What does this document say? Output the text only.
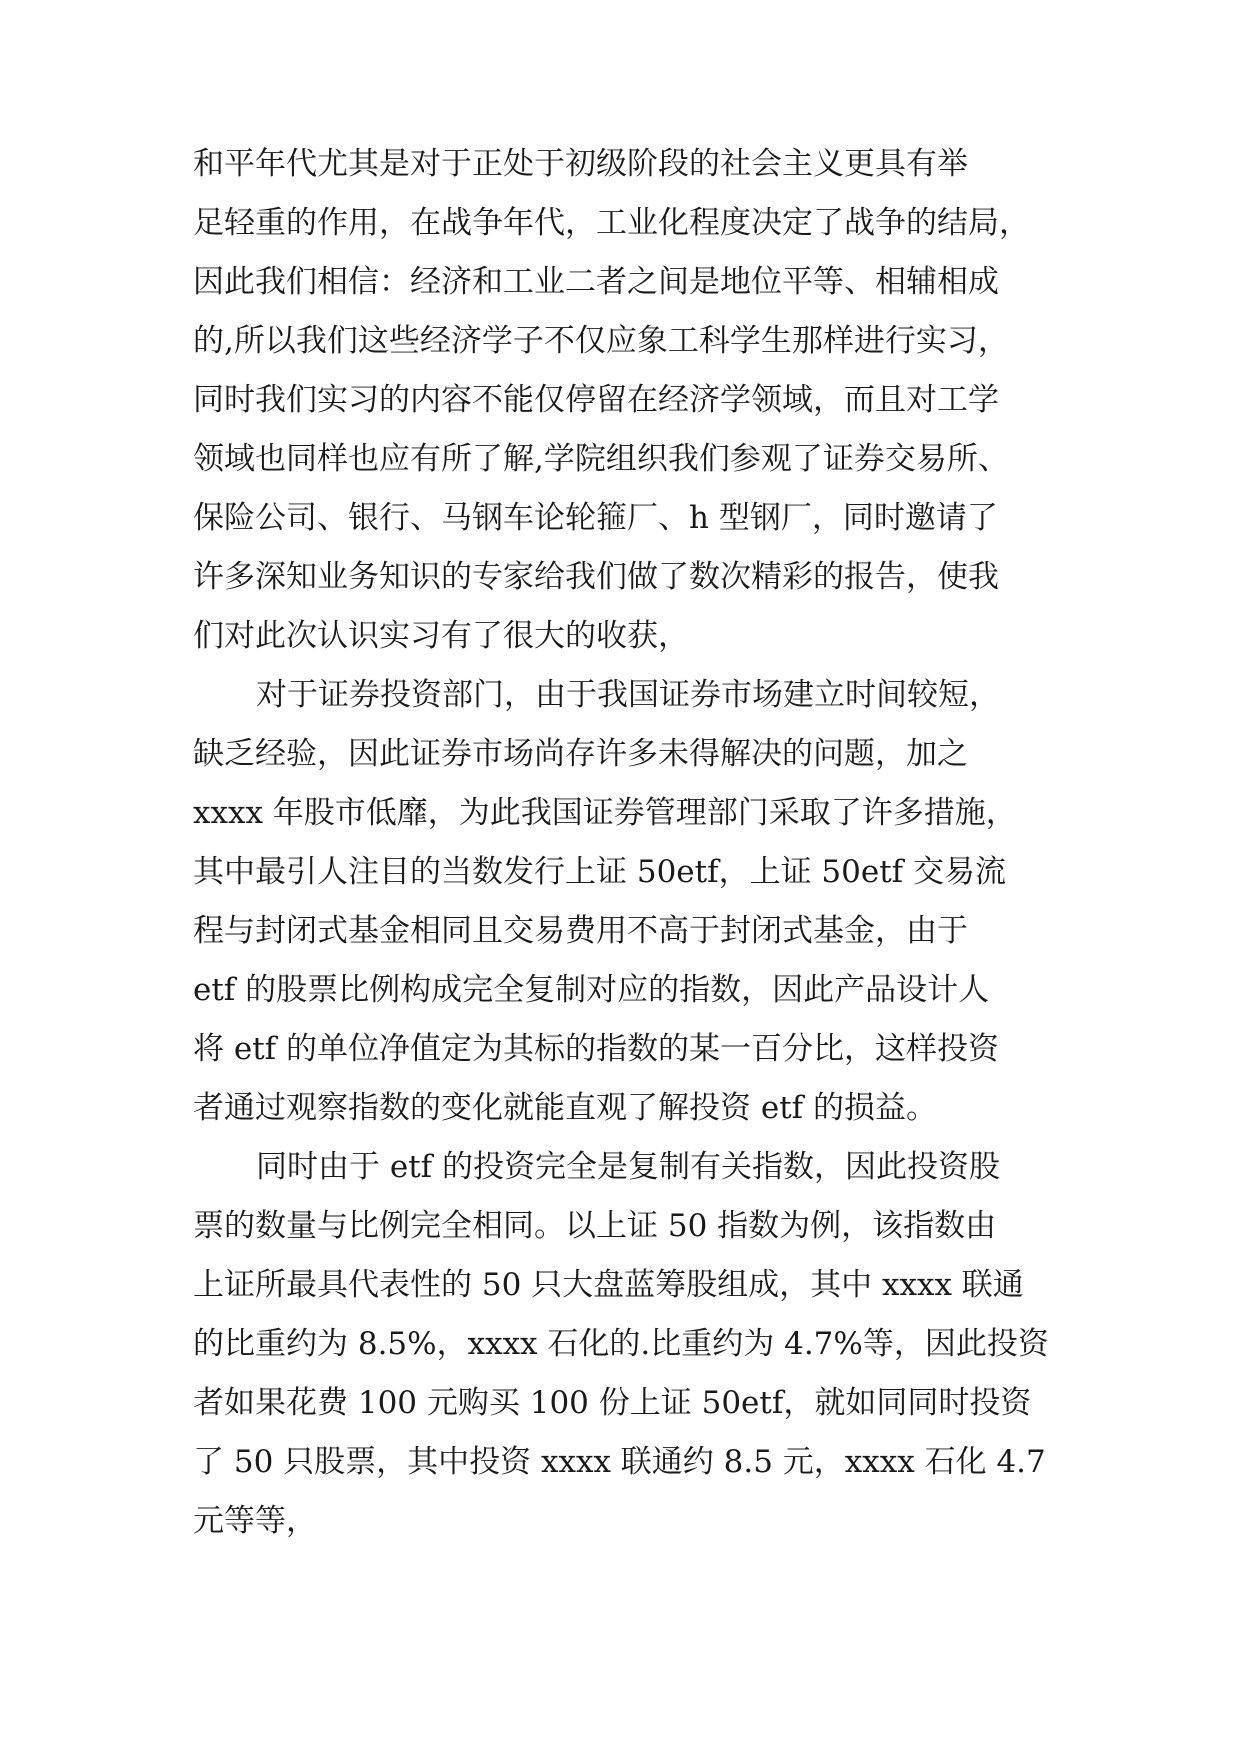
和平年代尤其是对于正处于初级阶段的社会主义更具有举

足轻重的作用，在战争年代，工业化程度决定了战争的结局，

因此我们相信：经济和工业二者之间是地位平等、相辅相成

的,所以我们这些经济学子不仅应象工科学生那样进行实习，

同时我们实习的内容不能仅停留在经济学领域，而且对工学

领域也同样也应有所了解,学院组织我们参观了证券交易所、

保险公司、银行、马钢车论轮箍厂、h 型钢厂，同时邀请了

许多深知业务知识的专家给我们做了数次精彩的报告，使我

们对此次认识实习有了很大的收获，

对于证券投资部门，由于我国证券市场建立时间较短，

缺乏经验，因此证券市场尚存许多未得解决的问题，加之

xxxx 年股市低靡，为此我国证券管理部门采取了许多措施，

其中最引人注目的当数发行上证 50etf，上证 50etf 交易流

程与封闭式基金相同且交易费用不高于封闭式基金，由于

etf 的股票比例构成完全复制对应的指数，因此产品设计人

将 etf 的单位净值定为其标的指数的某一百分比，这样投资

者通过观察指数的变化就能直观了解投资 etf 的损益。

同时由于 etf 的投资完全是复制有关指数，因此投资股

票的数量与比例完全相同。以上证 50 指数为例，该指数由

上证所最具代表性的 50 只大盘蓝筹股组成，其中 xxxx 联通

的比重约为 8.5%，xxxx 石化的.比重约为 4.7%等，因此投资

者如果花费 100 元购买 100 份上证 50etf，就如同同时投资

了 50 只股票，其中投资 xxxx 联通约 8.5 元，xxxx 石化 4.7

元等等，
